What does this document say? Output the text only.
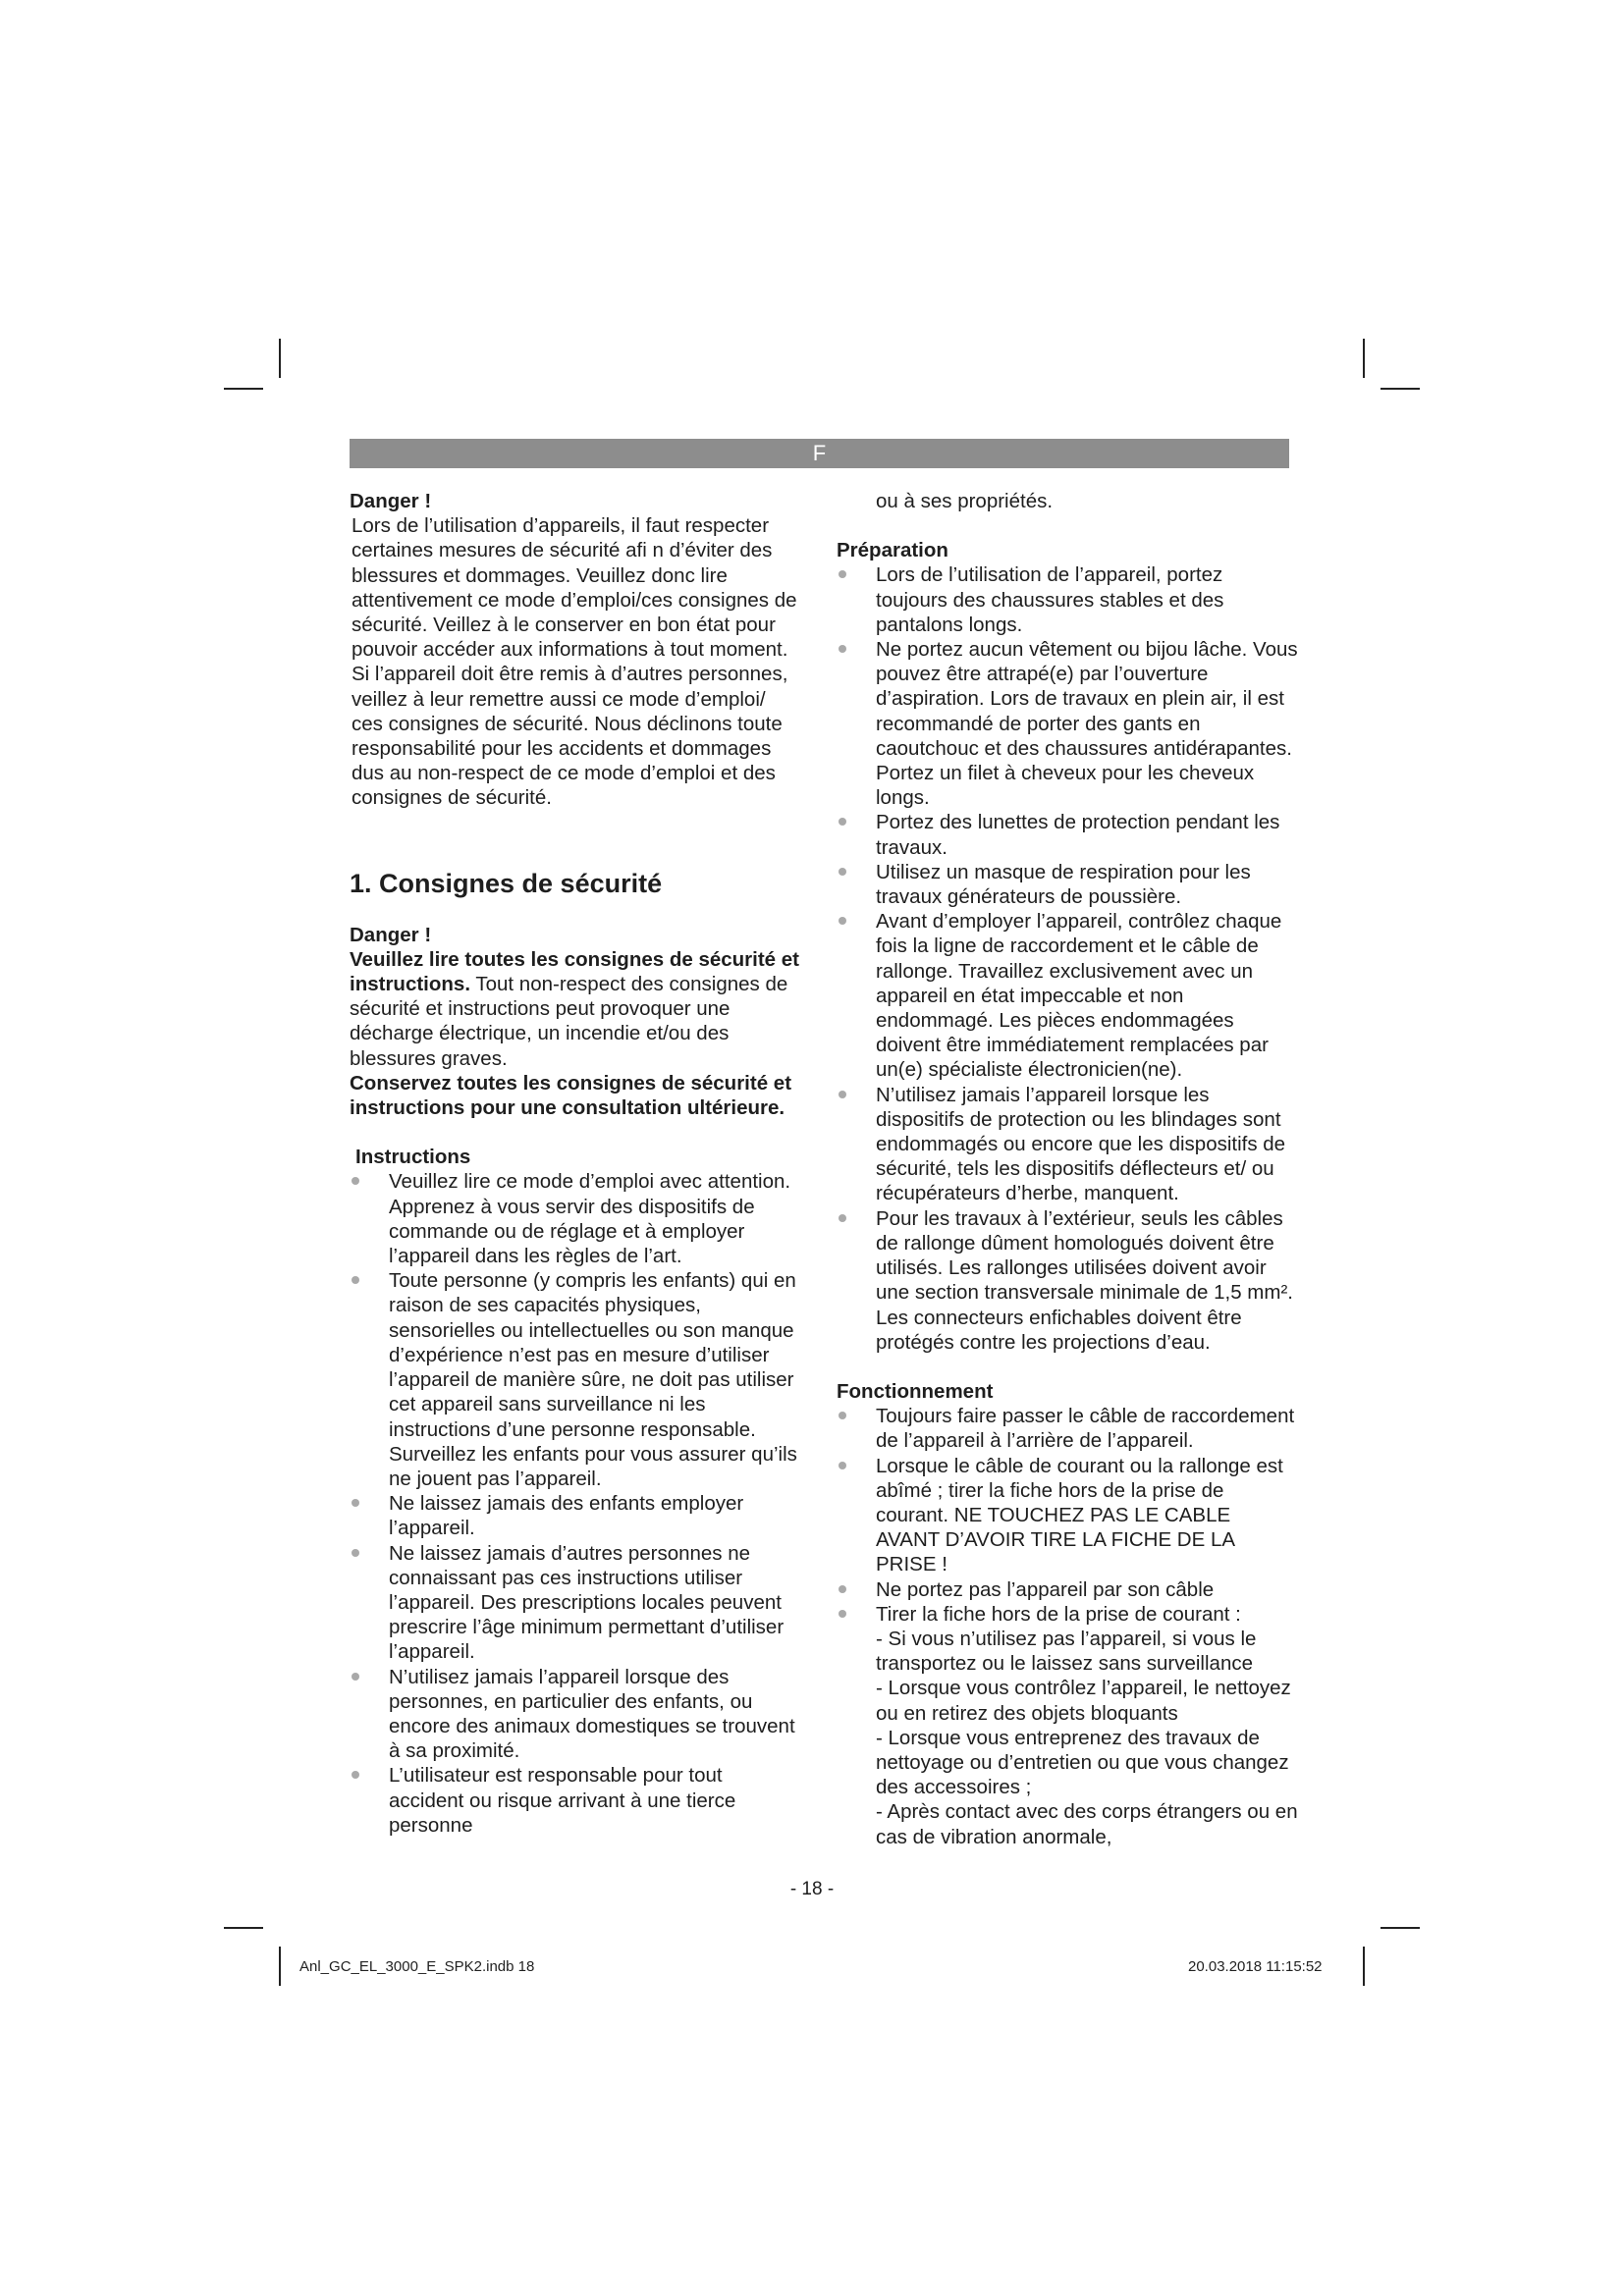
F

Danger !

Lors de l’utilisation d’appareils, il faut respecter certaines mesures de sécurité afi n d’éviter des blessures et dommages. Veuillez donc lire attentivement ce mode d’emploi/ces consignes de sécurité. Veillez à le conserver en bon état pour pouvoir accéder aux informations à tout moment. Si l’appareil doit être remis à d’autres personnes, veillez à leur remettre aussi ce mode d’emploi/ ces consignes de sécurité. Nous déclinons toute responsabilité pour les accidents et dommages dus au non-respect de ce mode d’emploi et des consignes de sécurité.

1. Consignes de sécurité

Danger !

Veuillez lire toutes les consignes de sécurité et instructions. Tout non-respect des consignes de sécurité et instructions peut provoquer une décharge électrique, un incendie et/ou des blessures graves.

Conservez toutes les consignes de sécurité et instructions pour une consultation ultérieure.

Instructions

Veuillez lire ce mode d’emploi avec attention. Apprenez à vous servir des dispositifs de commande ou de réglage et à employer l’appareil dans les règles de l’art.
Toute personne (y compris les enfants) qui en raison de ses capacités physiques, sensorielles ou intellectuelles ou son manque d’expérience n’est pas en mesure d’utiliser l’appareil de manière sûre, ne doit pas utiliser cet appareil sans surveillance ni les instructions d’une personne responsable. Surveillez les enfants pour vous assurer qu’ils ne jouent pas l’appareil.
Ne laissez jamais des enfants employer l’appareil.
Ne laissez jamais d’autres personnes ne connaissant pas ces instructions utiliser l’appareil. Des prescriptions locales peuvent prescrire l’âge minimum permettant d’utiliser l’appareil.
N’utilisez jamais l’appareil lorsque des personnes, en particulier des enfants, ou encore des animaux domestiques se trouvent à sa proximité.
L’utilisateur est responsable pour tout accident ou risque arrivant à une tierce personne

ou à ses propriétés.

Préparation

Lors de l’utilisation de l’appareil, portez toujours des chaussures stables et des pantalons longs.
Ne portez aucun vêtement ou bijou lâche. Vous pouvez être attrapé(e) par l’ouverture d’aspiration. Lors de travaux en plein air, il est recommandé de porter des gants en caoutchouc et des chaussures antidérapantes. Portez un filet à cheveux pour les cheveux longs.
Portez des lunettes de protection pendant les travaux.
Utilisez un masque de respiration pour les travaux générateurs de poussière.
Avant d’employer l’appareil, contrôlez chaque fois la ligne de raccordement et le câble de rallonge. Travaillez exclusivement avec un appareil en état impeccable et non endommagé. Les pièces endommagées doivent être immédiatement remplacées par un(e) spécialiste électronicien(ne).
N’utilisez jamais l’appareil lorsque les dispositifs de protection ou les blindages sont endommagés ou encore que les dispositifs de sécurité, tels les dispositifs déflecteurs et/ ou récupérateurs d’herbe, manquent.
Pour les travaux à l’extérieur, seuls les câbles de rallonge dûment homologués doivent être utilisés. Les rallonges utilisées doivent avoir une section transversale minimale de 1,5 mm². Les connecteurs enfichables doivent être protégés contre les projections d’eau.

Fonctionnement

Toujours faire passer le câble de raccordement de l’appareil à l’arrière de l’appareil.
Lorsque le câble de courant ou la rallonge est abîmé ; tirer la fiche hors de la prise de courant. NE TOUCHEZ PAS LE CABLE AVANT D’AVOIR TIRE LA FICHE DE LA PRISE !
Ne portez pas l’appareil par son câble
Tirer la fiche hors de la prise de courant :

- Si vous n’utilisez pas l’appareil, si vous le transportez ou le laissez sans surveillance

- Lorsque vous contrôlez l’appareil, le nettoyez ou en retirez des objets bloquants

- Lorsque vous entreprenez des travaux de nettoyage ou d’entretien ou que vous changez des accessoires ;

- Après contact avec des corps étrangers ou en cas de vibration anormale,

- 18 -
Anl_GC_EL_3000_E_SPK2.indb 18	20.03.2018 11:15:52
